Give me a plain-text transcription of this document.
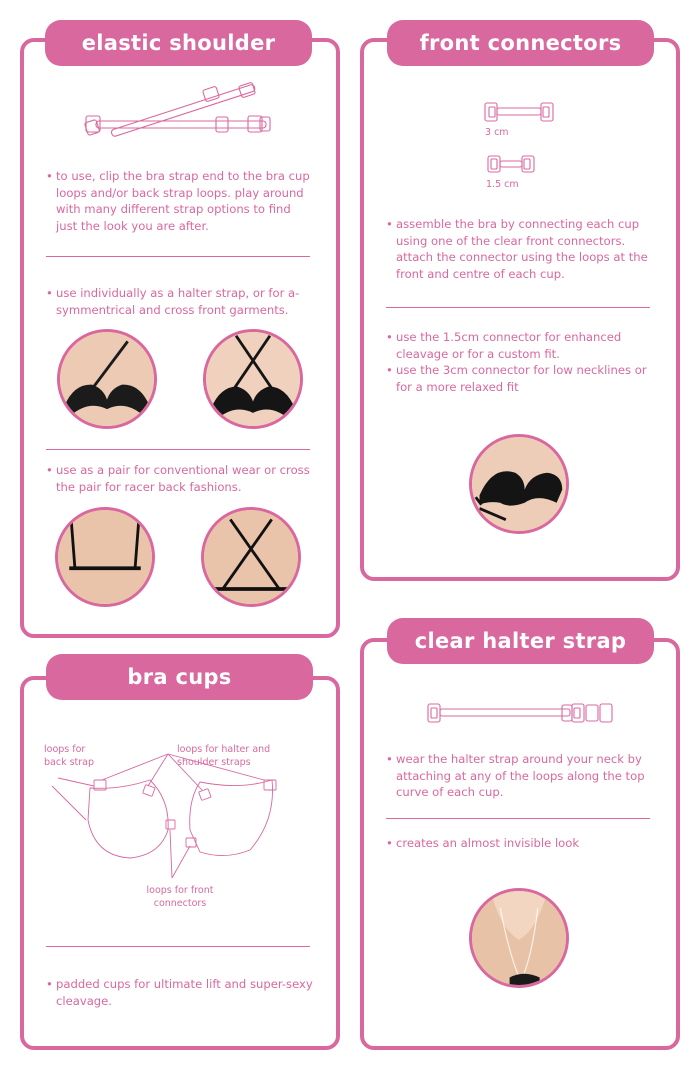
elastic shoulder straps
• to use, clip the bra strap end to the bra cup loops and/or back strap loops. play around with many different strap options to find just the look you are after.
• use individually as a halter strap, or for a-symmentrical and cross front garments.
• use as a pair for conventional wear or cross the pair for racer back fashions.
front connectors
3 cm
1.5 cm
• assemble the bra by connecting each cup using one of the clear front connectors. attach the connector using the loops at the front and centre of each cup.
• use the 1.5cm connector for enhanced cleavage or for a custom fit.
• use the 3cm connector for low necklines or for a more relaxed fit
bra cups
loops for back strap
loops for halter and shoulder straps
loops for front connectors
• padded cups for ultimate lift and super-sexy cleavage.
clear halter strap
• wear the halter strap around your neck by attaching at any of the loops along the top curve of each cup.
• creates an almost invisible look
